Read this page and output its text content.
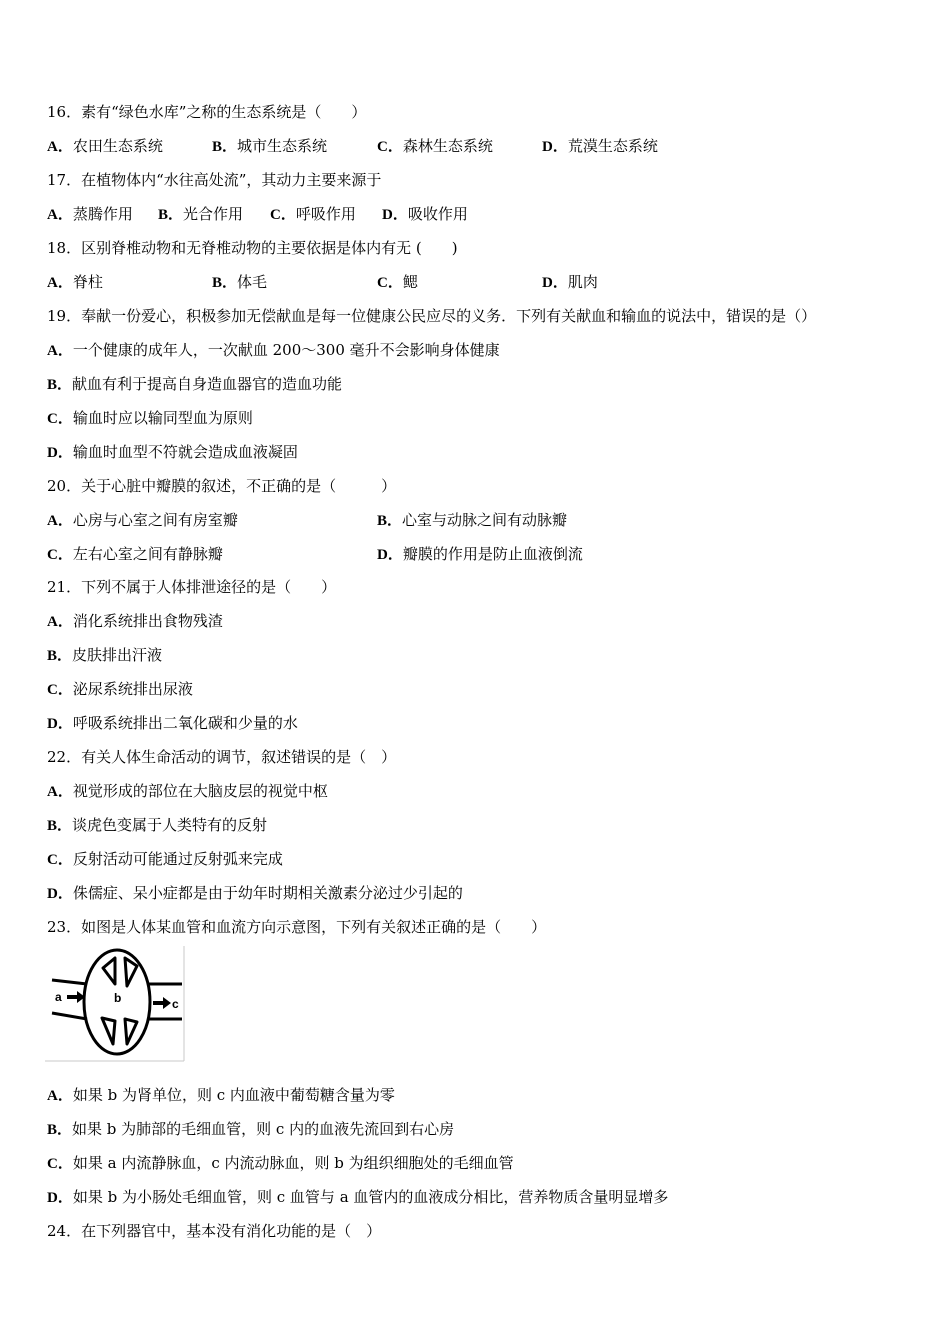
16．素有“绿色水库”之称的生态系统是（　　）
A．农田生态系统	B．城市生态系统	C．森林生态系统	D．荒漠生态系统
17．在植物体内“水往高处流”，其动力主要来源于
A．蒸腾作用 B．光合作用 C．呼吸作用 D．吸收作用
18．区别脊椎动物和无脊椎动物的主要依据是体内有无 (　　)
A．脊柱	B．体毛	C．鳃	D．肌肉
19．奉献一份爱心，积极参加无偿献血是每一位健康公民应尽的义务．下列有关献血和输血的说法中，错误的是（）
A．一个健康的成年人，一次献血 200～300 毫升不会影响身体健康
B．献血有利于提高自身造血器官的造血功能
C．输血时应以输同型血为原则
D．输血时血型不符就会造成血液凝固
20．关于心脏中瓣膜的叙述，不正确的是（　　　）
A．心房与心室之间有房室瓣	B．心室与动脉之间有动脉瓣
C．左右心室之间有静脉瓣	D．瓣膜的作用是防止血液倒流
21．下列不属于人体排泄途径的是（　　）
A．消化系统排出食物残渣
B．皮肤排出汗液
C．泌尿系统排出尿液
D．呼吸系统排出二氧化碳和少量的水
22．有关人体生命活动的调节，叙述错误的是（　）
A．视觉形成的部位在大脑皮层的视觉中枢
B．谈虎色变属于人类特有的反射
C．反射活动可能通过反射弧来完成
D．侏儒症、呆小症都是由于幼年时期相关激素分泌过少引起的
23．如图是人体某血管和血流方向示意图，下列有关叙述正确的是（　　）
a	b	c
A．如果 b 为肾单位，则 c 内血液中葡萄糖含量为零
B．如果 b 为肺部的毛细血管，则 c 内的血液先流回到右心房
C．如果 a 内流静脉血，c 内流动脉血，则 b 为组织细胞处的毛细血管
D．如果 b 为小肠处毛细血管，则 c 血管与 a 血管内的血液成分相比，营养物质含量明显增多
24．在下列器官中，基本没有消化功能的是（　）
